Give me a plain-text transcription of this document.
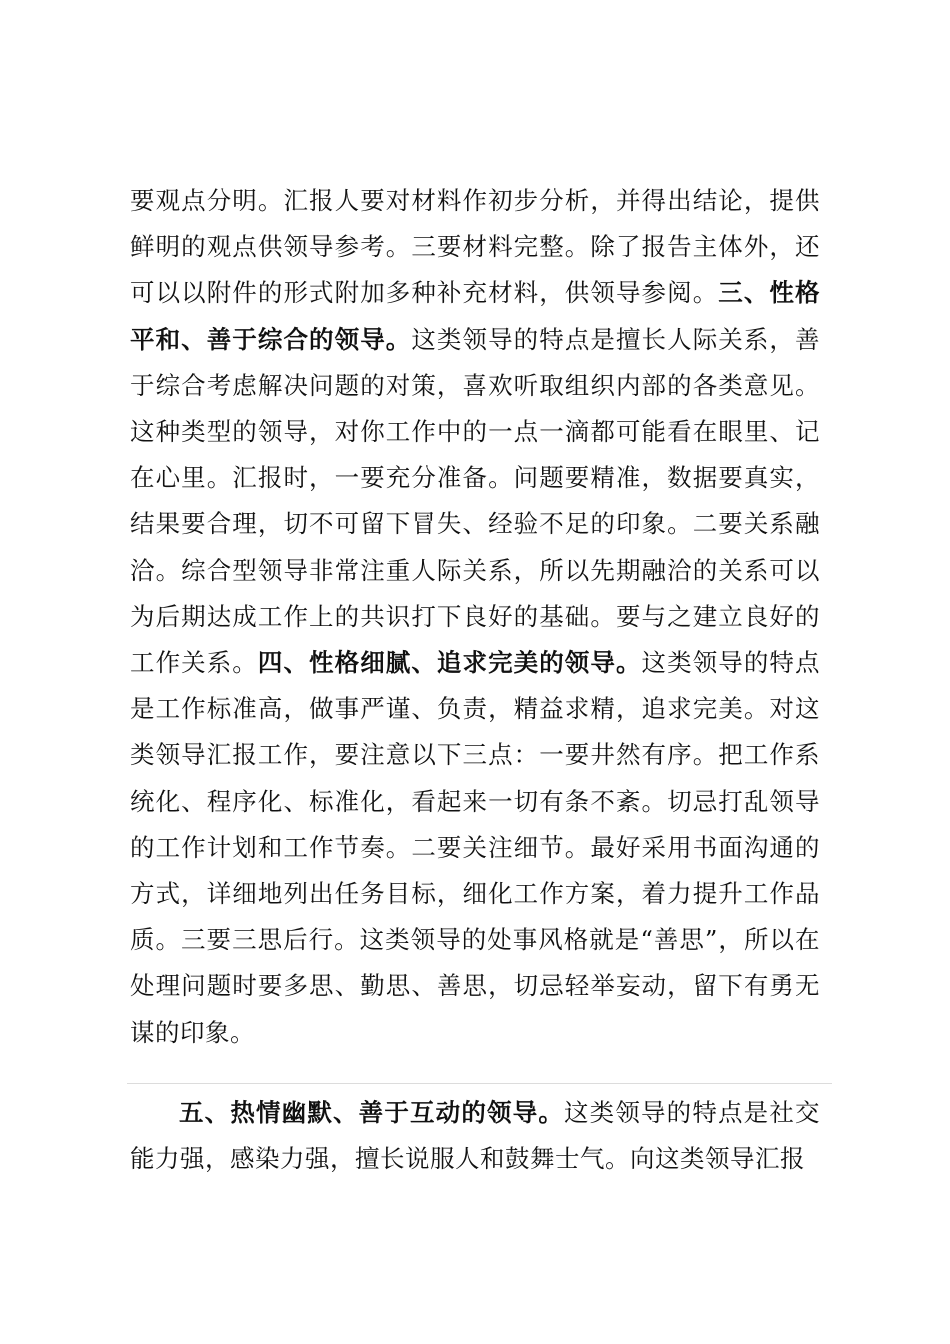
要观点分明。汇报人要对材料作初步分析，并得出结论，提供鲜明的观点供领导参考。三要材料完整。除了报告主体外，还可以以附件的形式附加多种补充材料，供领导参阅。三、性格平和、善于综合的领导。这类领导的特点是擅长人际关系，善于综合考虑解决问题的对策，喜欢听取组织内部的各类意见。这种类型的领导，对你工作中的一点一滴都可能看在眼里、记在心里。汇报时，一要充分准备。问题要精准，数据要真实，结果要合理，切不可留下冒失、经验不足的印象。二要关系融洽。综合型领导非常注重人际关系，所以先期融洽的关系可以为后期达成工作上的共识打下良好的基础。要与之建立良好的工作关系。四、性格细腻、追求完美的领导。这类领导的特点是工作标准高，做事严谨、负责，精益求精，追求完美。对这类领导汇报工作，要注意以下三点：一要井然有序。把工作系统化、程序化、标准化，看起来一切有条不紊。切忌打乱领导的工作计划和工作节奏。二要关注细节。最好采用书面沟通的方式，详细地列出任务目标，细化工作方案，着力提升工作品质。三要三思后行。这类领导的处事风格就是“善思”，所以在处理问题时要多思、勤思、善思，切忌轻举妄动，留下有勇无谋的印象。

五、热情幽默、善于互动的领导。这类领导的特点是社交能力强，感染力强，擅长说服人和鼓舞士气。向这类领导汇报
